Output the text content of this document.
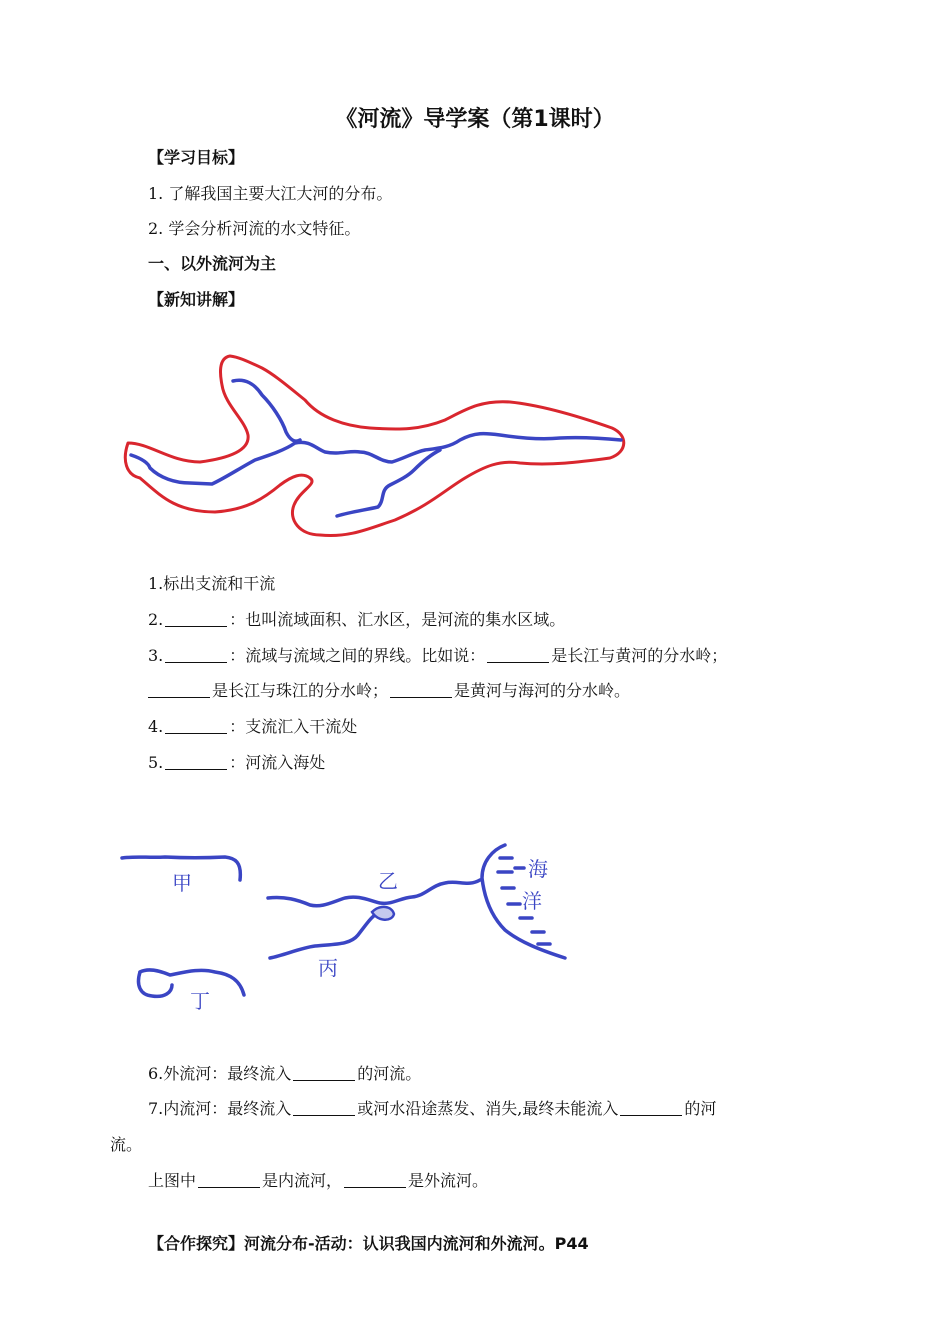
《河流》导学案（第1课时）
【学习目标】
1. 了解我国主要大江大河的分布。
2. 学会分析河流的水文特征。
一、以外流河为主
【新知讲解】
1.标出支流和干流
2.	：也叫流域面积、汇水区，是河流的集水区域。
3.	：流域与流域之间的界线。比如说：	是长江与黄河的分水岭；
是长江与珠江的分水岭；	是黄河与海河的分水岭。
4.	：支流汇入干流处
5.	：河流入海处
甲	乙
丙
丁
海
洋
6.外流河：最终流入	的河流。
7.内流河：最终流入	或河水沿途蒸发、消失,最终未能流入	的河
流。
上图中	是内流河，	是外流河。
【合作探究】河流分布-活动：认识我国内流河和外流河。P44
